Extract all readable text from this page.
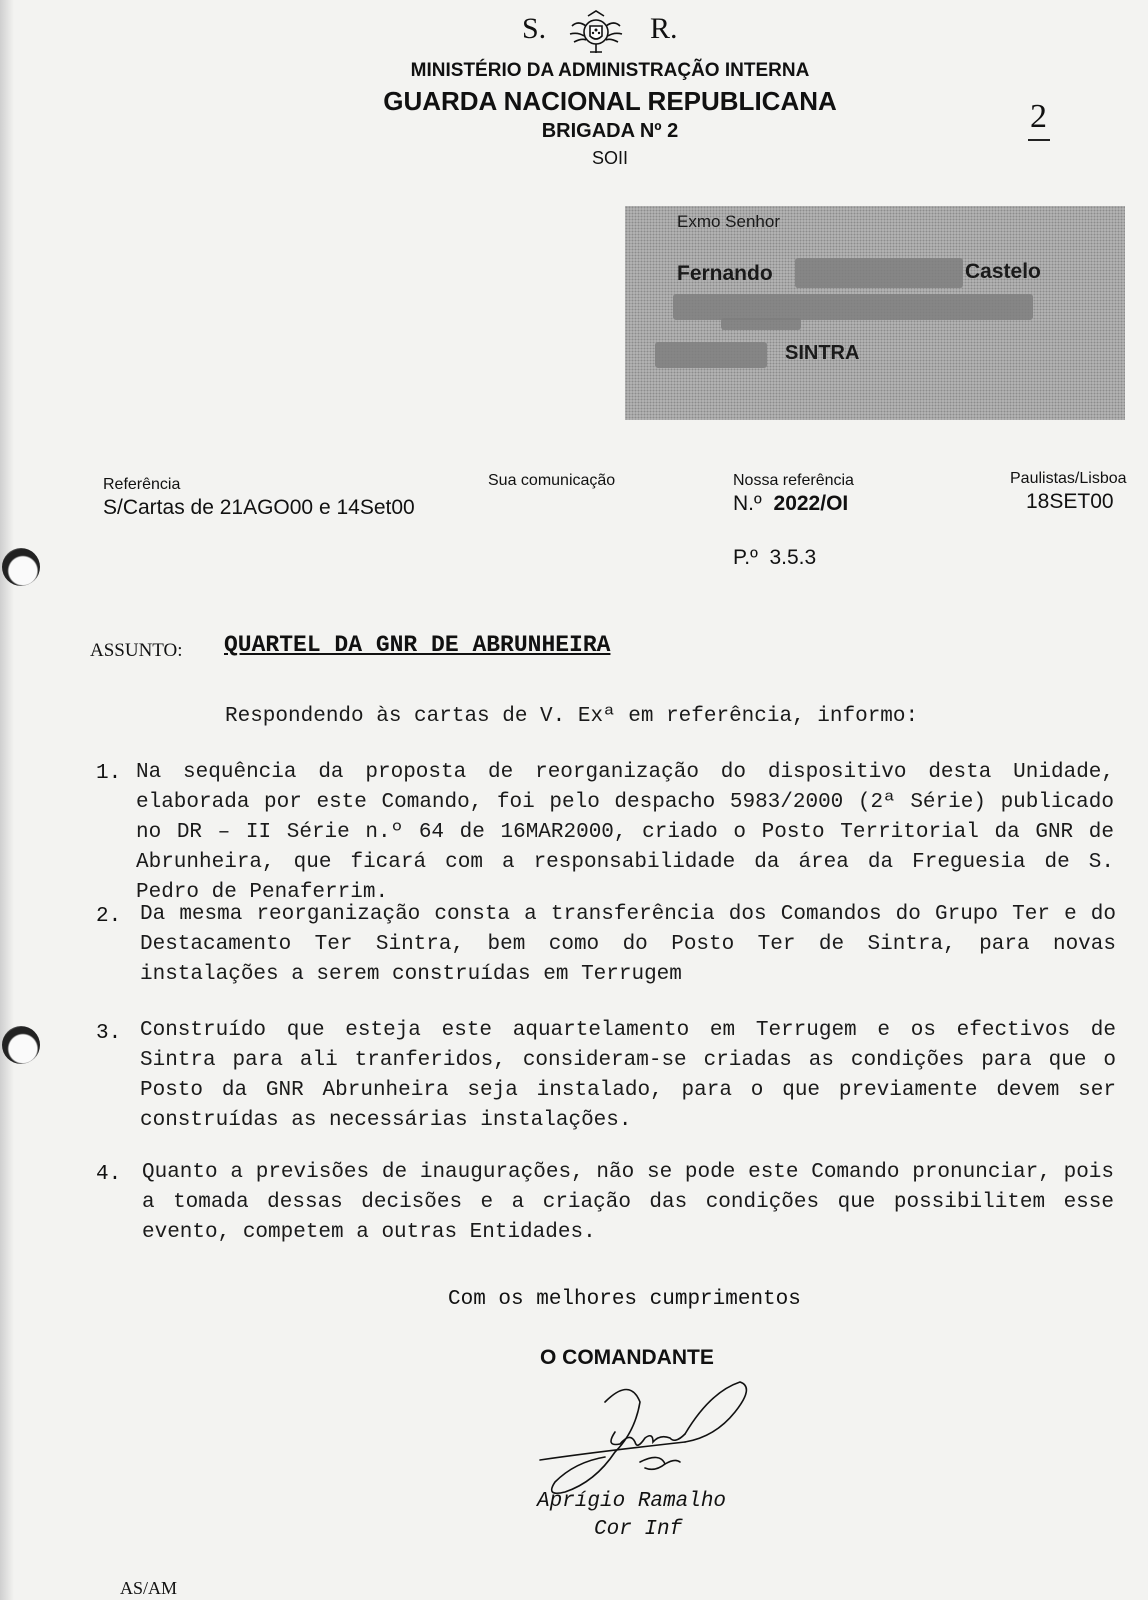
S.	R.
MINISTÉRIO DA ADMINISTRAÇÃO INTERNA
GUARDA NACIONAL REPUBLICANA
BRIGADA Nº 2
SOII
2
Exmo Senhor
Fernando	Castelo
SINTRA
Referência
S/Cartas de 21AGO00 e 14Set00
Sua comunicação	Nossa referência
N.º 2022/OI
P.º  3.5.3
Paulistas/Lisboa
18SET00
ASSUNTO: QUARTEL DA GNR DE ABRUNHEIRA
Respondendo às cartas de V. Exª em referência, informo:
1. Na sequência da proposta de reorganização do dispositivo desta Unidade, elaborada por este Comando, foi pelo despacho 5983/2000 (2ª Série) publicado no DR – II Série n.º 64 de 16MAR2000, criado o Posto Territorial da GNR de Abrunheira, que ficará com a responsabilidade da área da Freguesia de S. Pedro de Penaferrim.
2. Da mesma reorganização consta a transferência dos Comandos do Grupo Ter e do Destacamento Ter Sintra, bem como do Posto Ter de Sintra, para novas instalações a serem construídas em Terrugem
3. Construído que esteja este aquartelamento em Terrugem e os efectivos de Sintra para ali tranferidos, consideram-se criadas as condições para que o Posto da GNR Abrunheira seja instalado, para o que previamente devem ser construídas as necessárias instalações.
4. Quanto a previsões de inaugurações, não se pode este Comando pronunciar, pois a tomada dessas decisões e a criação das condições que possibilitem esse evento, competem a outras Entidades.
Com os melhores cumprimentos
O COMANDANTE
Aprígio Ramalho
Cor Inf
AS/AM
